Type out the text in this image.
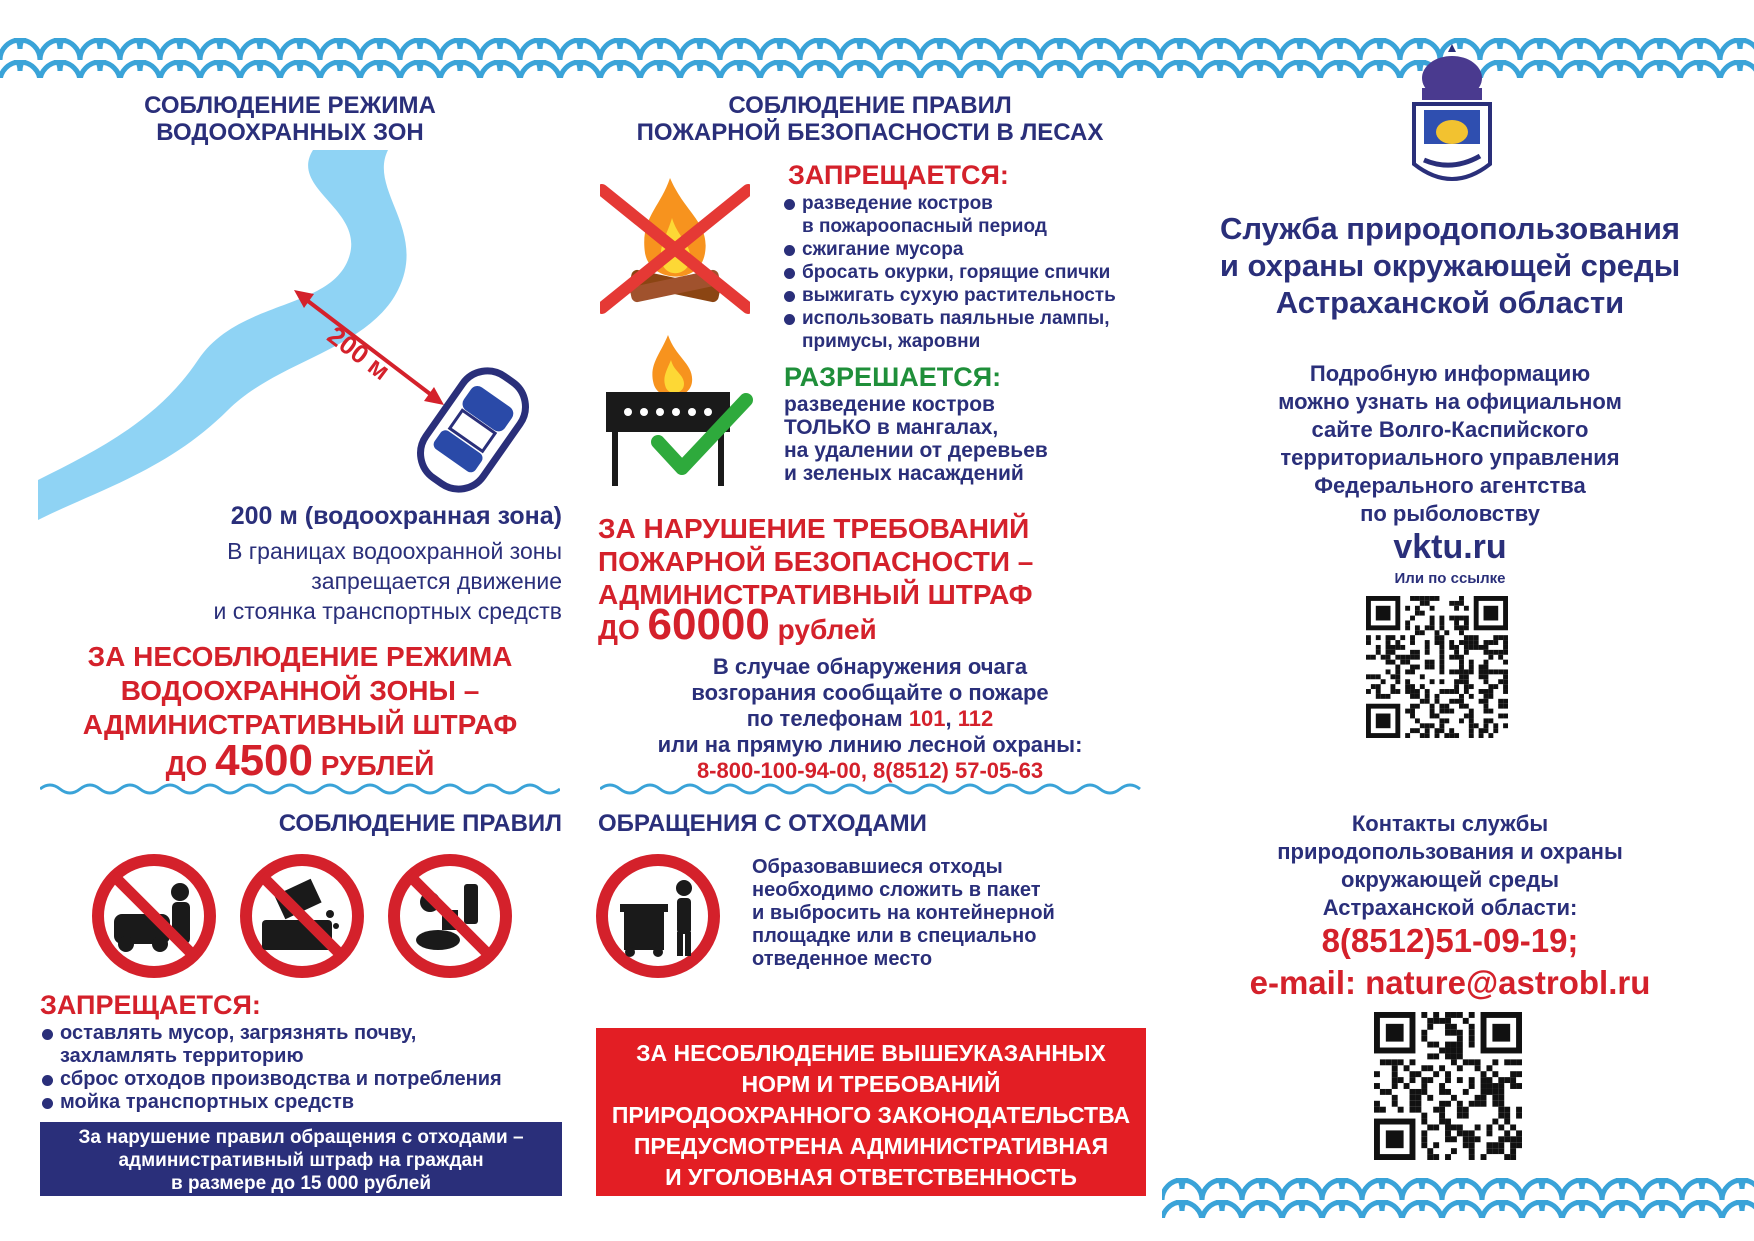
СОБЛЮДЕНИЕ РЕЖИМА
ВОДООХРАННЫХ ЗОН
200 м
200 м (водоохранная зона)
В границах водоохранной зоны
запрещается движение
и стоянка транспортных средств
ЗА НЕСОБЛЮДЕНИЕ РЕЖИМА
ВОДООХРАННОЙ ЗОНЫ –
АДМИНИСТРАТИВНЫЙ ШТРАФ
ДО 4500 РУБЛЕЙ
СОБЛЮДЕНИЕ ПРАВИЛ
ПОЖАРНОЙ БЕЗОПАСНОСТИ В ЛЕСАХ
ЗАПРЕЩАЕТСЯ:
разведение костров
в пожароопасный период
сжигание мусора
бросать окурки, горящие спички
выжигать сухую растительность
использовать паяльные лампы,
примусы, жаровни
РАЗРЕШАЕТСЯ:
разведение костров
ТОЛЬКО в мангалах,
на удалении от деревьев
и зеленых насаждений
ЗА НАРУШЕНИЕ ТРЕБОВАНИЙ
ПОЖАРНОЙ БЕЗОПАСНОСТИ –
АДМИНИСТРАТИВНЫЙ ШТРАФ
ДО 60000 рублей
В случае обнаружения очага
возгорания сообщайте о пожаре
по телефонам 101, 112
или на прямую линию лесной охраны:
8-800-100-94-00, 8(8512) 57-05-63
СОБЛЮДЕНИЕ ПРАВИЛ ОБРАЩЕНИЯ С ОТХОДАМИ
Образовавшиеся отходы
необходимо сложить в пакет
и выбросить на контейнерной
площадке или в специально
отведенное место
ЗАПРЕЩАЕТСЯ:
оставлять мусор, загрязнять почву,
захламлять территорию
сброс отходов производства и потребления
мойка транспортных средств
За нарушение правил обращения с отходами –
административный штраф на граждан
в размере до 15 000 рублей
ЗА НЕСОБЛЮДЕНИЕ ВЫШЕУКАЗАННЫХ
НОРМ И ТРЕБОВАНИЙ
ПРИРОДООХРАННОГО ЗАКОНОДАТЕЛЬСТВА
ПРЕДУСМОТРЕНА АДМИНИСТРАТИВНАЯ
И УГОЛОВНАЯ ОТВЕТСТВЕННОСТЬ
Служба природопользования
и охраны окружающей среды
Астраханской области
Подробную информацию
можно узнать на официальном
сайте Волго-Каспийского
территориального управления
Федерального агентства
по рыболовству
vktu.ru
Или по ссылке
Контакты службы
природопользования и охраны
окружающей среды
Астраханской области:
8(8512)51-09-19;
e-mail: nature@astrobl.ru
